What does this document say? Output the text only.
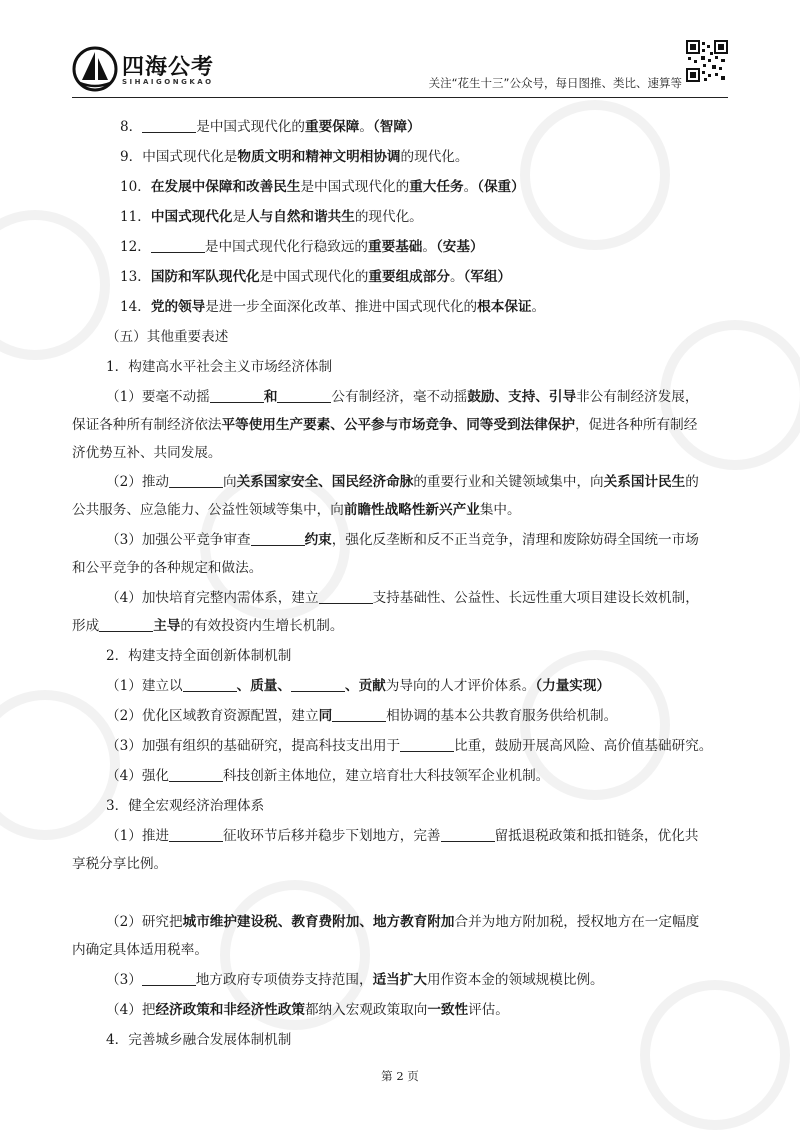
四海公考
SIHAIGONGKAO	关注“花生十三”公众号，每日图推、类比、速算等

8．	是中国式现代化的重要保障。（智障）

9．中国式现代化是物质文明和精神文明相协调的现代化。

10．在发展中保障和改善民生是中国式现代化的重大任务。（保重）

11．中国式现代化是人与自然和谐共生的现代化。

12．	是中国式现代化行稳致远的重要基础。（安基）

13．国防和军队现代化是中国式现代化的重要组成部分。（军组）

14．党的领导是进一步全面深化改革、推进中国式现代化的根本保证。

（五）其他重要表述

1．构建高水平社会主义市场经济体制

（1）要毫不动摇	和	公有制经济，毫不动摇鼓励、支持、引导非公有制经济发展，

保证各种所有制经济依法平等使用生产要素、公平参与市场竞争、同等受到法律保护，促进各种所有制经

济优势互补、共同发展。

（2）推动	向关系国家安全、国民经济命脉的重要行业和关键领域集中，向关系国计民生的

公共服务、应急能力、公益性领域等集中，向前瞻性战略性新兴产业集中。

（3）加强公平竞争审查	约束，强化反垄断和反不正当竞争，清理和废除妨碍全国统一市场

和公平竞争的各种规定和做法。

（4）加快培育完整内需体系，建立	支持基础性、公益性、长远性重大项目建设长效机制，

形成	主导的有效投资内生增长机制。

2．构建支持全面创新体制机制

（1）建立以	、质量、	、贡献为导向的人才评价体系。（力量实现）

（2）优化区域教育资源配置，建立同	相协调的基本公共教育服务供给机制。

（3）加强有组织的基础研究，提高科技支出用于	比重，鼓励开展高风险、高价值基础研究。

（4）强化	科技创新主体地位，建立培育壮大科技领军企业机制。

3．健全宏观经济治理体系

（1）推进	征收环节后移并稳步下划地方，完善	留抵退税政策和抵扣链条，优化共

享税分享比例。

（2）研究把城市维护建设税、教育费附加、地方教育附加合并为地方附加税，授权地方在一定幅度

内确定具体适用税率。

（3）	地方政府专项债券支持范围，适当扩大用作资本金的领域规模比例。

（4）把经济政策和非经济性政策都纳入宏观政策取向一致性评估。

4．完善城乡融合发展体制机制

第 2 页
